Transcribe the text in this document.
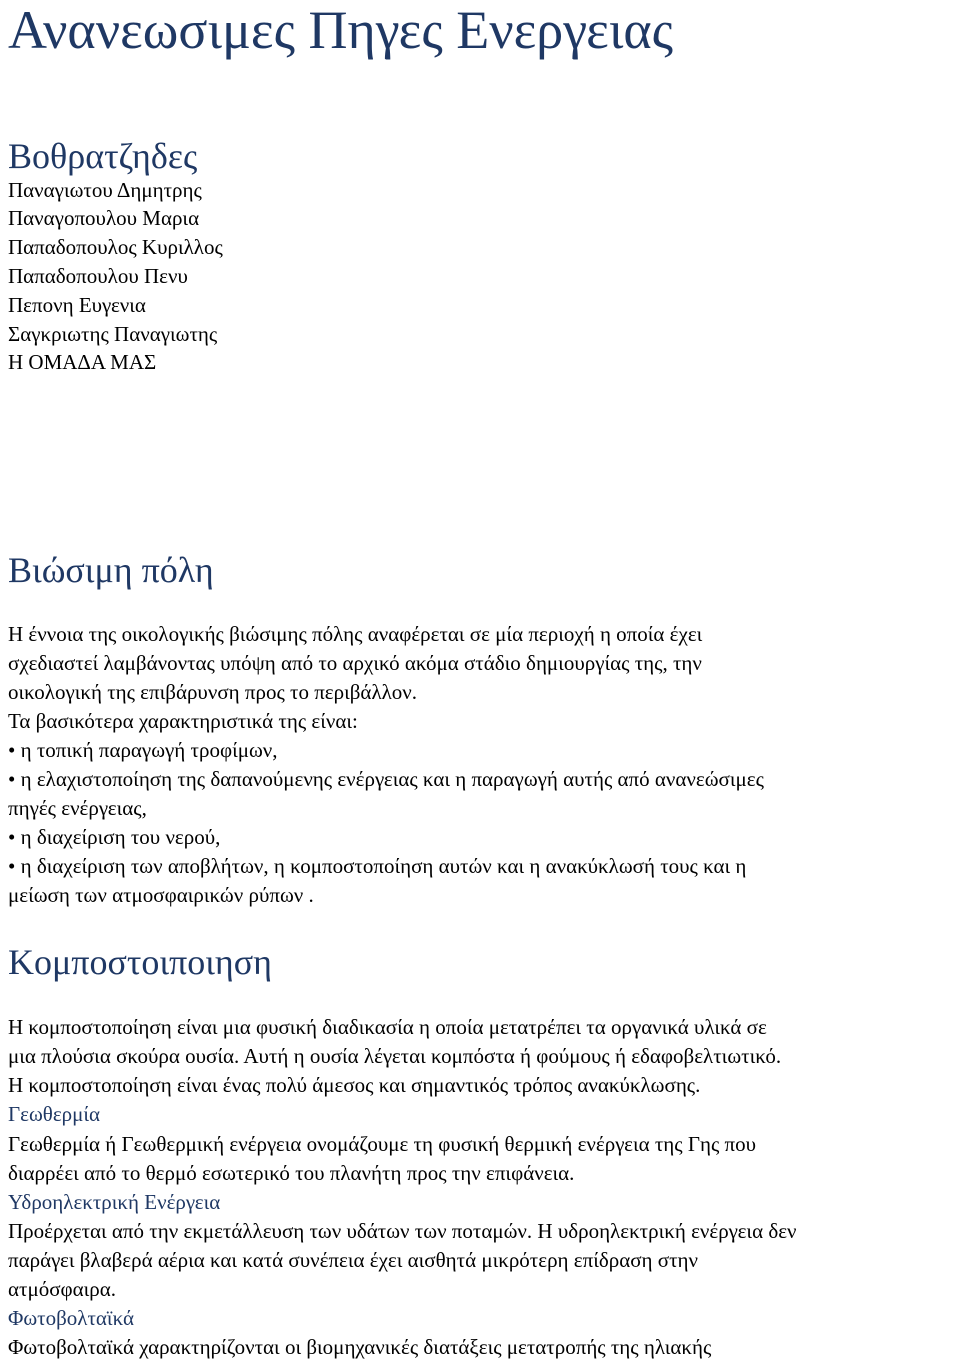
Ανανεωσιμες Πηγες Ενεργειας
Βοθρατζηδες
Παναγιωτου Δημητρης
Παναγοπουλου Μαρια
Παπαδοπουλος Κυριλλος
Παπαδοπουλου Πενυ
Πεπονη Ευγενια
Σαγκριωτης Παναγιωτης
Η ΟΜΑΔΑ ΜΑΣ
Βιώσιμη πόλη
Η έννοια της οικολογικής βιώσιμης πόλης αναφέρεται σε μία περιοχή η οποία έχει
σχεδιαστεί λαμβάνοντας υπόψη από το αρχικό ακόμα στάδιο δημιουργίας της, την
οικολογική της επιβάρυνση προς το περιβάλλον.
Τα βασικότερα χαρακτηριστικά της είναι:
• η τοπική παραγωγή τροφίμων,
• η ελαχιστοποίηση της δαπανούμενης ενέργειας και η παραγωγή αυτής από ανανεώσιμες
πηγές ενέργειας,
• η διαχείριση του νερού,
• η διαχείριση των αποβλήτων, η κομποστοποίηση αυτών και η ανακύκλωσή τους και η
μείωση των ατμοσφαιρικών ρύπων .
Κομποστοιποιηση
Η κομποστοποίηση είναι μια φυσική διαδικασία η οποία μετατρέπει τα οργανικά υλικά σε
μια πλούσια σκούρα ουσία. Αυτή η ουσία λέγεται κομπόστα ή φούμους ή εδαφοβελτιωτικό.
Η κομποστοποίηση είναι ένας πολύ άμεσος και σημαντικός τρόπος ανακύκλωσης.
Γεωθερμία
Γεωθερμία ή Γεωθερμική ενέργεια ονομάζουμε τη φυσική θερμική ενέργεια της Γης που
διαρρέει από το θερμό εσωτερικό του πλανήτη προς την επιφάνεια.
Υδροηλεκτρική Ενέργεια
Προέρχεται από την εκμετάλλευση των υδάτων των ποταμών. Η υδροηλεκτρική ενέργεια δεν
παράγει βλαβερά αέρια και κατά συνέπεια έχει αισθητά μικρότερη επίδραση στην
ατμόσφαιρα.
Φωτοβολταϊκά
Φωτοβολταϊκά χαρακτηρίζονται οι βιομηχανικές διατάξεις μετατροπής της ηλιακής
